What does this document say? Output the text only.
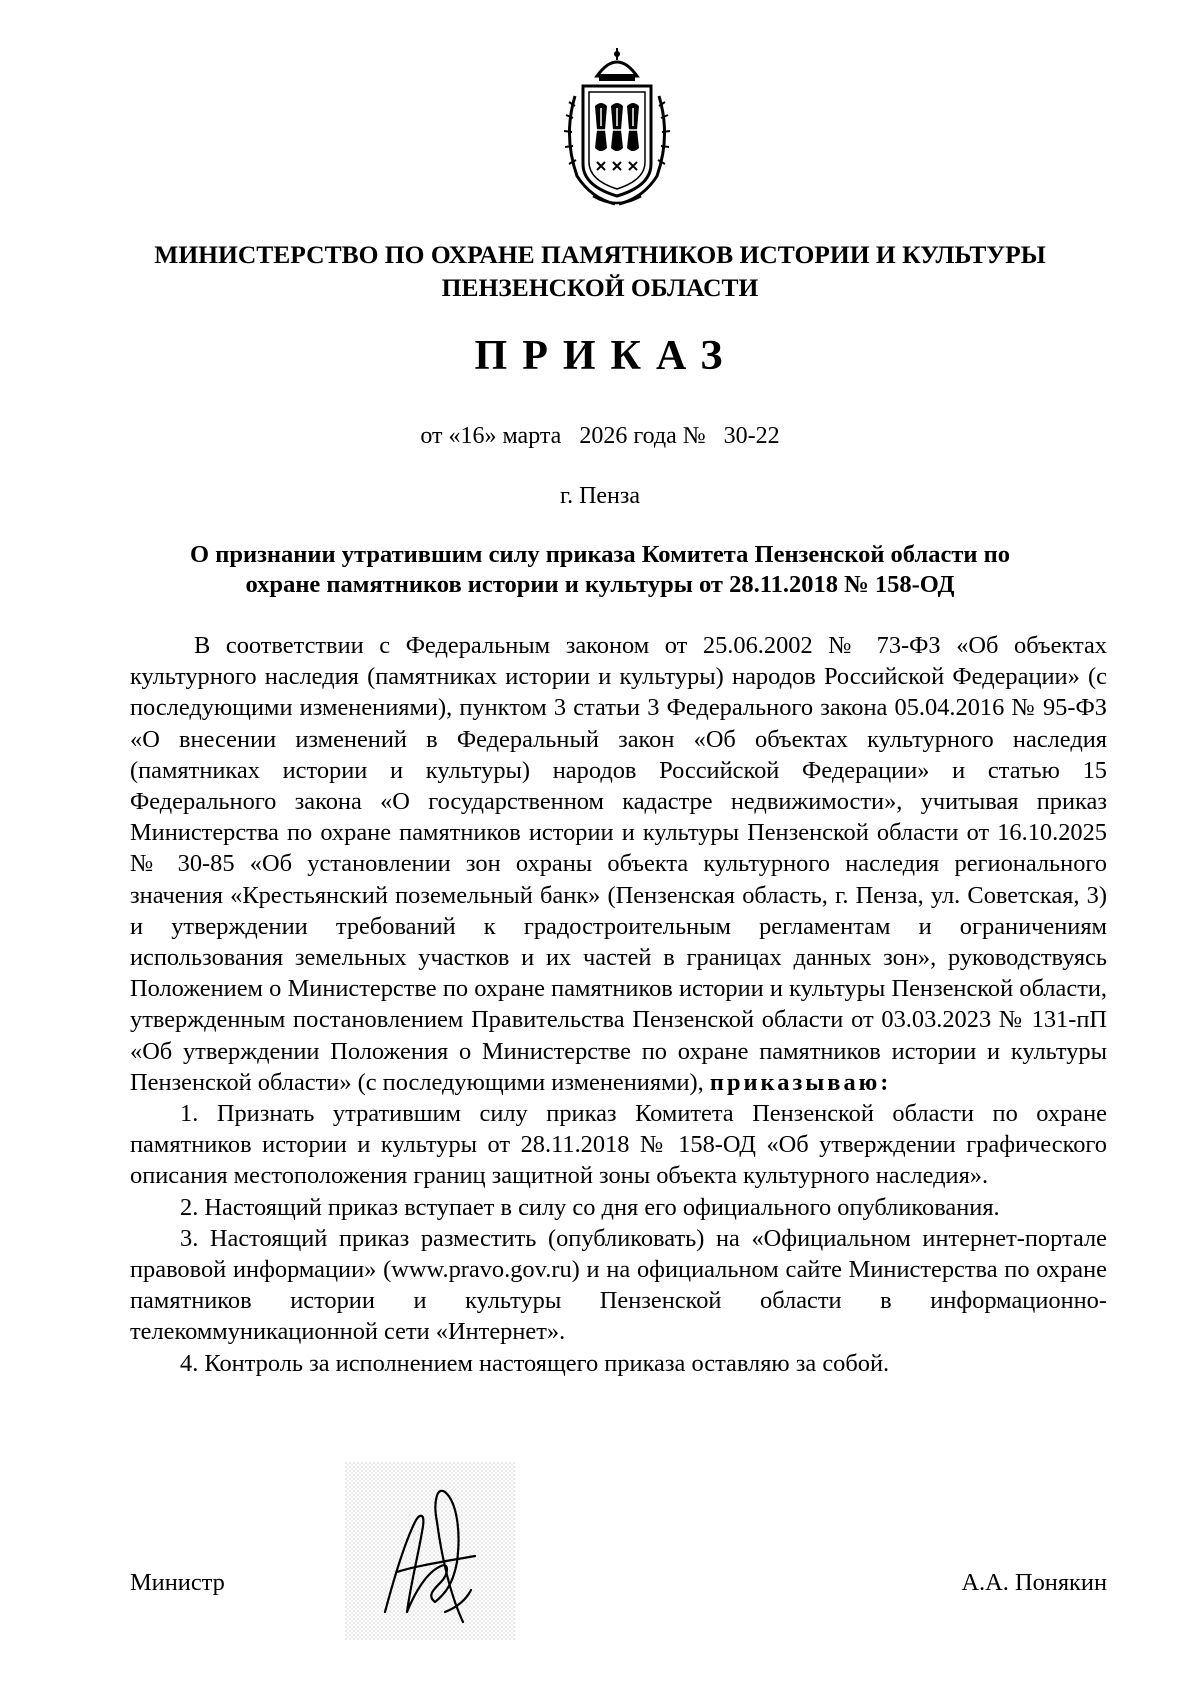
МИНИСТЕРСТВО ПО ОХРАНЕ ПАМЯТНИКОВ ИСТОРИИ И КУЛЬТУРЫ
ПЕНЗЕНСКОЙ ОБЛАСТИ
ПРИКАЗ
от «16» марта   2026 года №   30-22
г. Пенза
О признании утратившим силу приказа Комитета Пензенской области по
охране памятников истории и культуры от 28.11.2018 № 158-ОД

В соответствии с Федеральным законом от 25.06.2002 № 73-ФЗ «Об объектах культурного наследия (памятниках истории и культуры) народов Российской Федерации» (с последующими изменениями), пунктом 3 статьи 3 Федерального закона 05.04.2016 № 95-ФЗ «О внесении изменений в Федеральный закон «Об объектах культурного наследия (памятниках истории и культуры) народов Российской Федерации» и статью 15 Федерального закона «О государственном кадастре недвижимости», учитывая приказ Министерства по охране памятников истории и культуры Пензенской области от 16.10.2025 № 30-85 «Об установлении зон охраны объекта культурного наследия регионального значения «Крестьянский поземельный банк» (Пензенская область, г. Пенза, ул. Советская, 3) и утверждении требований к градостроительным регламентам и ограничениям использования земельных участков и их частей в границах данных зон», руководствуясь Положением о Министерстве по охране памятников истории и культуры Пензенской области, утвержденным постановлением Правительства Пензенской области от 03.03.2023 № 131-пП «Об утверждении Положения о Министерстве по охране памятников истории и культуры Пензенской области» (с последующими изменениями), приказываю:

1. Признать утратившим силу приказ Комитета Пензенской области по охране памятников истории и культуры от 28.11.2018 № 158-ОД «Об утверждении графического описания местоположения границ защитной зоны объекта культурного наследия».

2. Настоящий приказ вступает в силу со дня его официального опубликования.

3. Настоящий приказ разместить (опубликовать) на «Официальном интернет-портале правовой информации» (www.pravo.gov.ru) и на официальном сайте Министерства по охране памятников истории и культуры Пензенской области в информационно-телекоммуникационной сети «Интернет».

4. Контроль за исполнением настоящего приказа оставляю за собой.

Министр	А.А. Понякин
